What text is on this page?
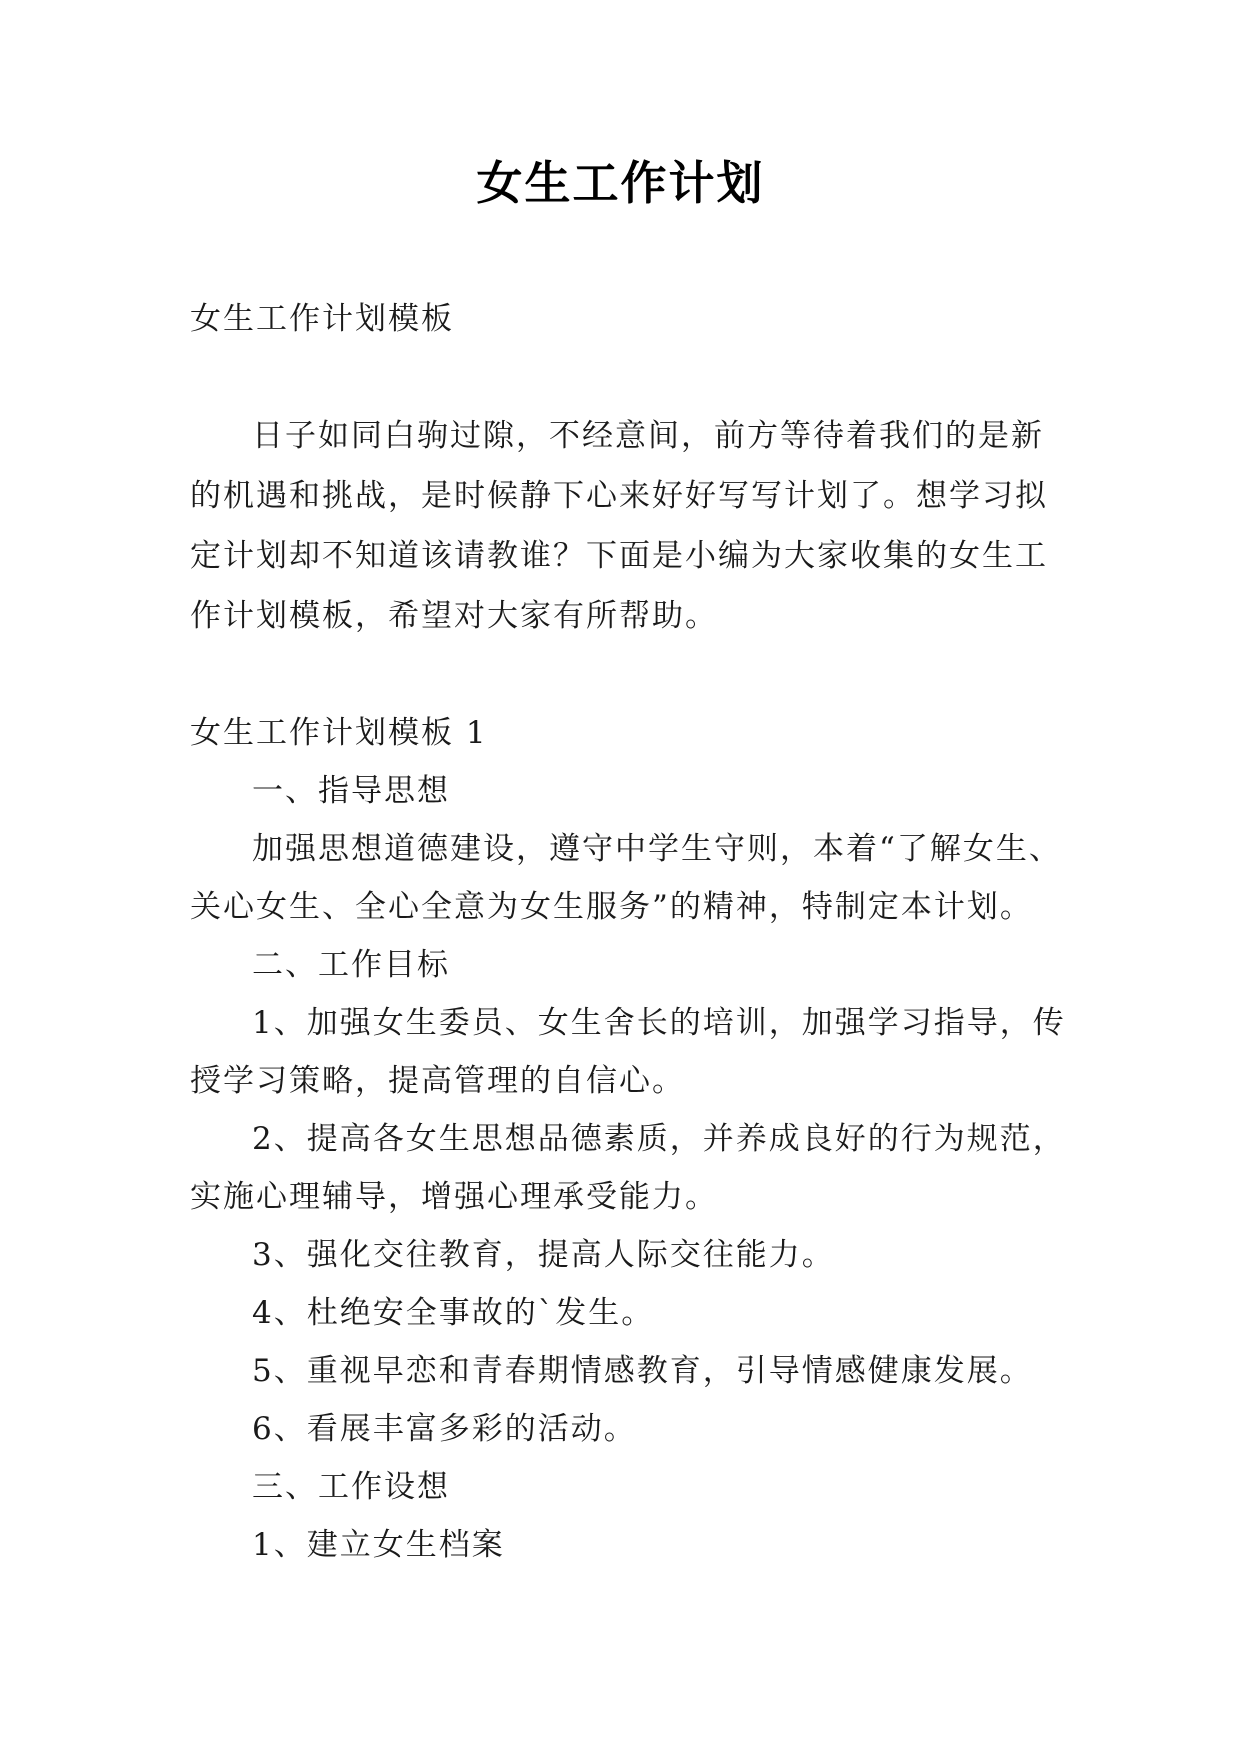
女生工作计划

女生工作计划模板

日子如同白驹过隙，不经意间，前方等待着我们的是新的机遇和挑战，是时候静下心来好好写写计划了。想学习拟定计划却不知道该请教谁？下面是小编为大家收集的女生工作计划模板，希望对大家有所帮助。

女生工作计划模板 1

一、指导思想

加强思想道德建设，遵守中学生守则，本着“了解女生、关心女生、全心全意为女生服务”的精神，特制定本计划。

二、工作目标

1、加强女生委员、女生舍长的培训，加强学习指导，传授学习策略，提高管理的自信心。

2、提高各女生思想品德素质，并养成良好的行为规范，实施心理辅导，增强心理承受能力。

3、强化交往教育，提高人际交往能力。

4、杜绝安全事故的`发生。

5、重视早恋和青春期情感教育，引导情感健康发展。

6、看展丰富多彩的活动。

三、工作设想

1、建立女生档案
